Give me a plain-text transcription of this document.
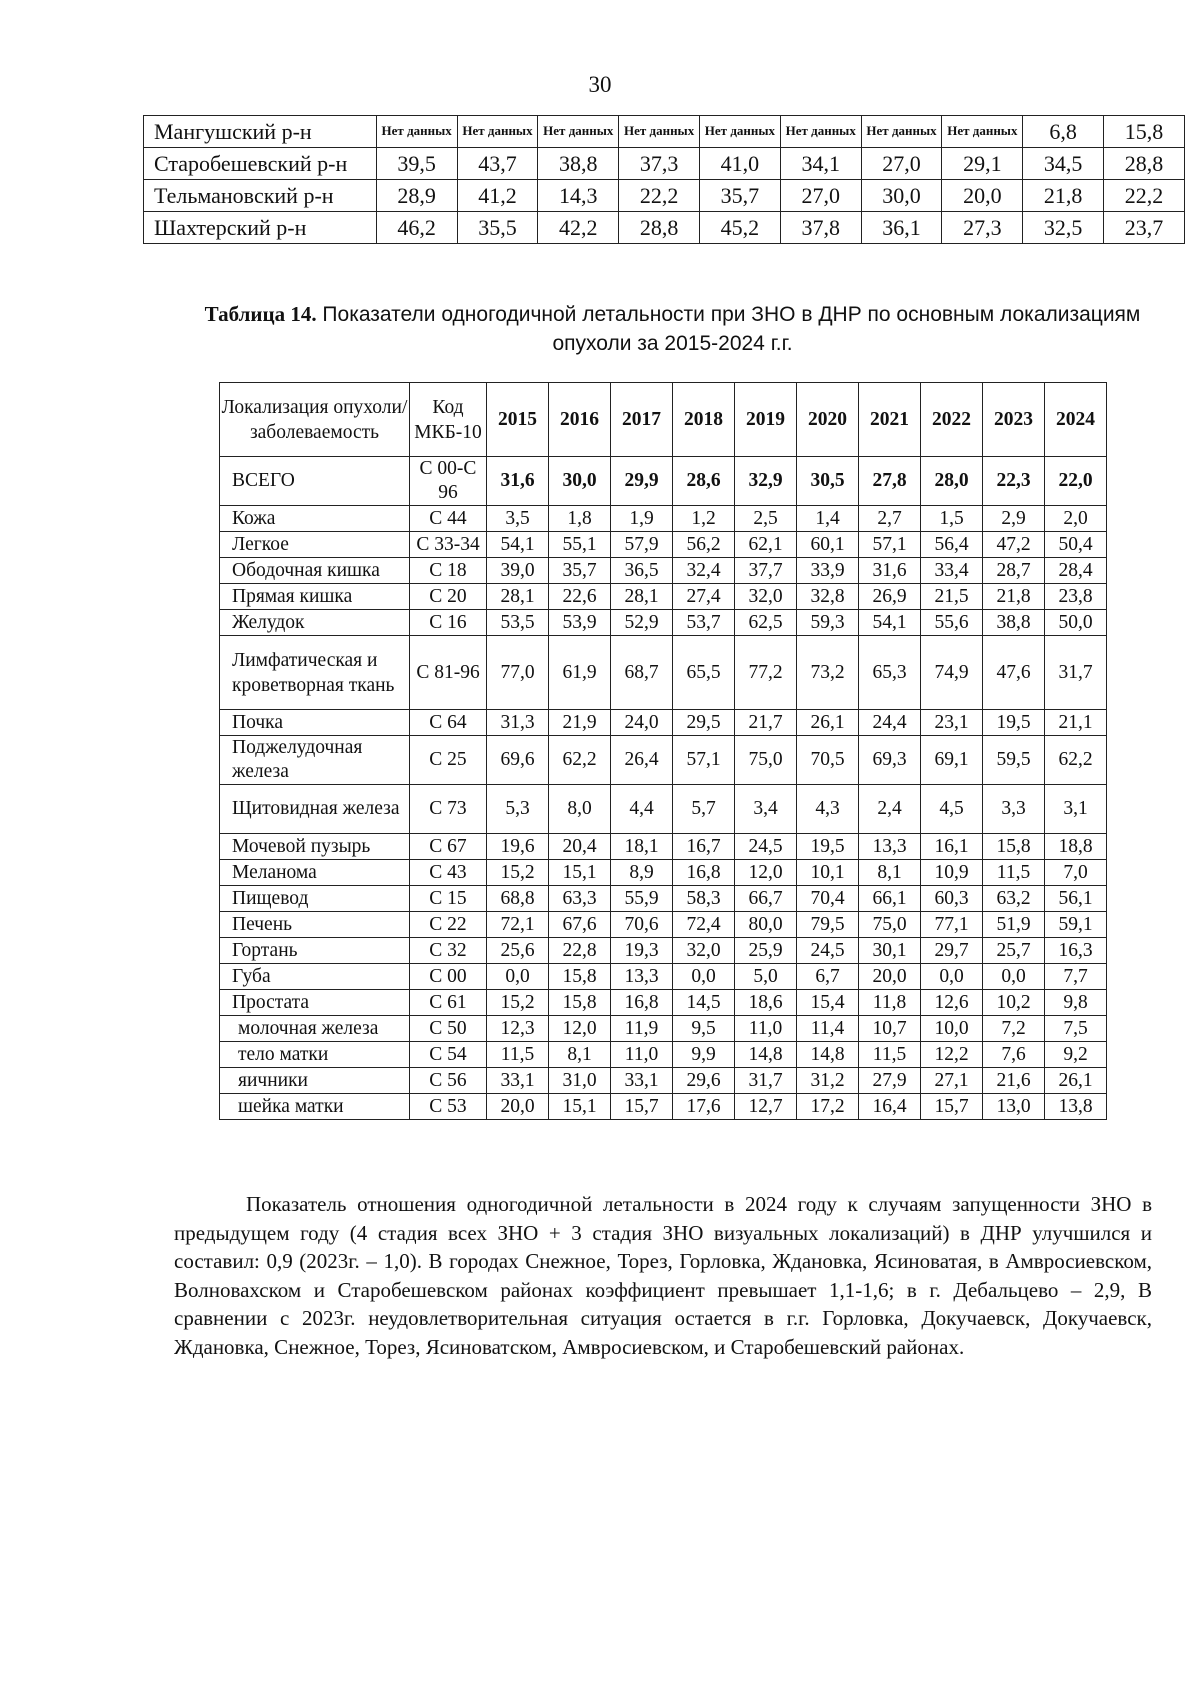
30
Мангушский р-н	Нет данных	Нет данных	Нет данных	Нет данных	Нет данных	Нет данных	Нет данных	Нет данных	6,8	15,8
Старобешевский р-н	39,5	43,7	38,8	37,3	41,0	34,1	27,0	29,1	34,5	28,8
Тельмановский р-н	28,9	41,2	14,3	22,2	35,7	27,0	30,0	20,0	21,8	22,2
Шахтерский р-н	46,2	35,5	42,2	28,8	45,2	37,8	36,1	27,3	32,5	23,7
Таблица 14. Показатели одногодичной летальности при ЗНО в ДНР по основным локализациям опухоли за 2015-2024 г.г.
Локализация опухоли/ заболеваемость	Код МКБ-10	2015	2016	2017	2018	2019	2020	2021	2022	2023	2024
ВСЕГО	С 00-С 96	31,6	30,0	29,9	28,6	32,9	30,5	27,8	28,0	22,3	22,0
Кожа	С 44	3,5	1,8	1,9	1,2	2,5	1,4	2,7	1,5	2,9	2,0
Легкое	С 33-34	54,1	55,1	57,9	56,2	62,1	60,1	57,1	56,4	47,2	50,4
Ободочная кишка	С 18	39,0	35,7	36,5	32,4	37,7	33,9	31,6	33,4	28,7	28,4
Прямая кишка	С 20	28,1	22,6	28,1	27,4	32,0	32,8	26,9	21,5	21,8	23,8
Желудок	С 16	53,5	53,9	52,9	53,7	62,5	59,3	54,1	55,6	38,8	50,0
Лимфатическая и кроветворная ткань	С 81-96	77,0	61,9	68,7	65,5	77,2	73,2	65,3	74,9	47,6	31,7
Почка	С 64	31,3	21,9	24,0	29,5	21,7	26,1	24,4	23,1	19,5	21,1
Поджелудочная железа	С 25	69,6	62,2	26,4	57,1	75,0	70,5	69,3	69,1	59,5	62,2
Щитовидная железа	С 73	5,3	8,0	4,4	5,7	3,4	4,3	2,4	4,5	3,3	3,1
Мочевой пузырь	С 67	19,6	20,4	18,1	16,7	24,5	19,5	13,3	16,1	15,8	18,8
Меланома	С 43	15,2	15,1	8,9	16,8	12,0	10,1	8,1	10,9	11,5	7,0
Пищевод	С 15	68,8	63,3	55,9	58,3	66,7	70,4	66,1	60,3	63,2	56,1
Печень	С 22	72,1	67,6	70,6	72,4	80,0	79,5	75,0	77,1	51,9	59,1
Гортань	С 32	25,6	22,8	19,3	32,0	25,9	24,5	30,1	29,7	25,7	16,3
Губа	С 00	0,0	15,8	13,3	0,0	5,0	6,7	20,0	0,0	0,0	7,7
Простата	С 61	15,2	15,8	16,8	14,5	18,6	15,4	11,8	12,6	10,2	9,8
молочная железа	С 50	12,3	12,0	11,9	9,5	11,0	11,4	10,7	10,0	7,2	7,5
тело матки	С 54	11,5	8,1	11,0	9,9	14,8	14,8	11,5	12,2	7,6	9,2
яичники	С 56	33,1	31,0	33,1	29,6	31,7	31,2	27,9	27,1	21,6	26,1
шейка матки	С 53	20,0	15,1	15,7	17,6	12,7	17,2	16,4	15,7	13,0	13,8
Показатель отношения одногодичной летальности в 2024 году к случаям запущенности ЗНО в предыдущем году (4 стадия всех ЗНО + 3 стадия ЗНО визуальных локализаций) в ДНР улучшился и составил: 0,9 (2023г. – 1,0). В городах Снежное, Торез, Горловка, Ждановка, Ясиноватая, в Амвросиевском, Волновахском и Старобешевском районах коэффициент превышает 1,1-1,6; в г. Дебальцево – 2,9, В сравнении с 2023г. неудовлетворительная ситуация остается в г.г. Горловка, Докучаевск, Докучаевск, Ждановка, Снежное, Торез, Ясиноватском, Амвросиевском, и Старобешевский районах.
